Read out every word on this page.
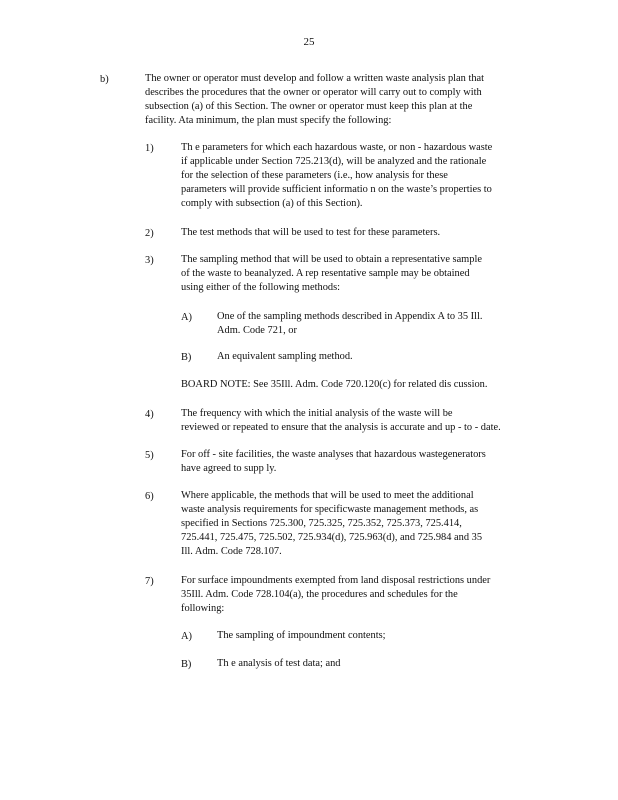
25
b)	The owner or operator must develop and follow a written waste analysis plan that
describes the procedures that the owner or operator will carry out to comply with
subsection (a) of this Section. The owner or operator must keep this plan at the
facility. Ata minimum, the plan must specify the following:
1)	Th e parameters for which each hazardous waste, or non - hazardous waste
if applicable under Section 725.213(d), will be analyzed and the rationale
for the selection of these parameters (i.e., how analysis for these
parameters will provide sufficient informatio n on the waste’s properties to
comply with subsection (a) of this Section).
2)	The test methods that will be used to test for these parameters.
3)	The sampling method that will be used to obtain a representative sample
of the waste to beanalyzed. A rep resentative sample may be obtained
using either of the following methods:
A) One of the sampling methods described in Appendix A to 35 Ill.
Adm. Code 721, or
B) An equivalent sampling method.
BOARD NOTE: See 35Ill. Adm. Code 720.120(c) for related dis cussion.
4)	The frequency with which the initial analysis of the waste will be
reviewed or repeated to ensure that the analysis is accurate and up - to - date.
5)	For off - site facilities, the waste analyses that hazardous wastegenerators
have agreed to supp ly.
6)	Where applicable, the methods that will be used to meet the additional
waste analysis requirements for specificwaste management methods, as
specified in Sections 725.300, 725.325, 725.352, 725.373, 725.414,
725.441, 725.475, 725.502, 725.934(d), 725.963(d), and 725.984 and 35
Ill. Adm. Code 728.107.
7)	For surface impoundments exempted from land disposal restrictions under
35Ill. Adm. Code 728.104(a), the procedures and schedules for the
following:
A) The sampling of impoundment contents;
B) Th e analysis of test data; and
